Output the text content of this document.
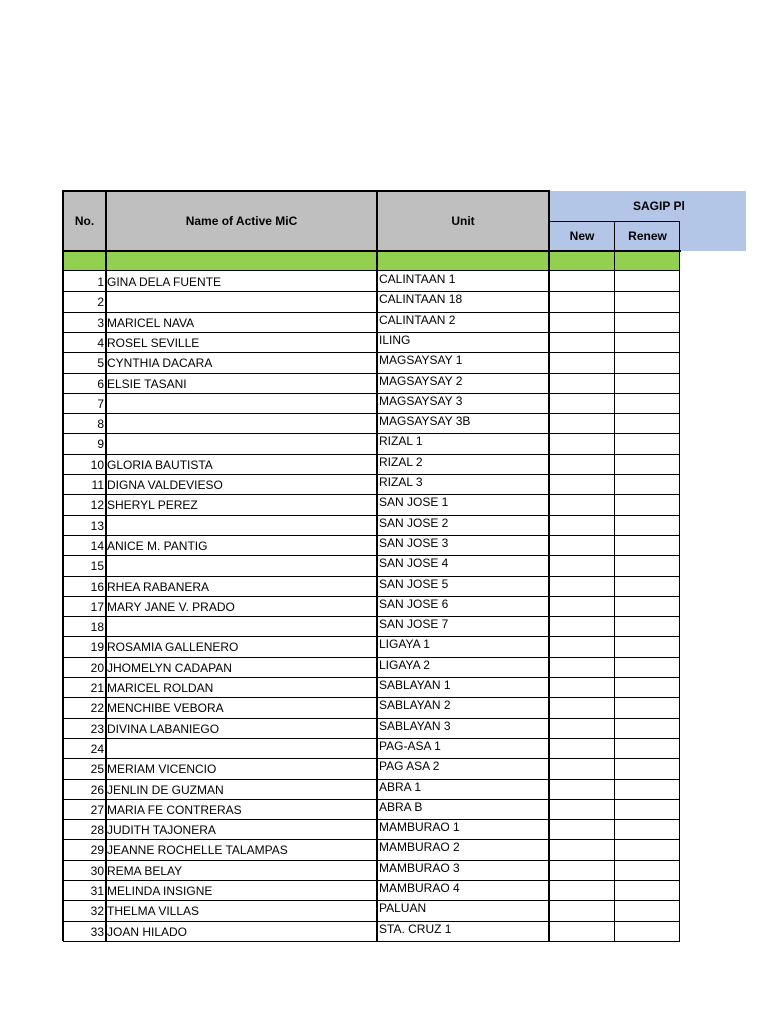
No.	Name of Active MiC	Unit
SAGIP Pl
New	Renew
1 GINA DELA FUENTE	CALINTAAN 1
2	CALINTAAN 18
3 MARICEL NAVA	CALINTAAN 2
4 ROSEL SEVILLE	ILING
5 CYNTHIA DACARA	MAGSAYSAY 1
6 ELSIE TASANI	MAGSAYSAY 2
7	MAGSAYSAY 3
8	MAGSAYSAY 3B
9	RIZAL 1
10 GLORIA BAUTISTA	RIZAL 2
11 DIGNA VALDEVIESO	RIZAL 3
12 SHERYL PEREZ	SAN JOSE 1
13	SAN JOSE 2
14 ANICE M. PANTIG	SAN JOSE 3
15	SAN JOSE 4
16 RHEA RABANERA	SAN JOSE 5
17 MARY JANE V. PRADO	SAN JOSE 6
18	SAN JOSE 7
19 ROSAMIA GALLENERO	LIGAYA 1
20 JHOMELYN CADAPAN	LIGAYA 2
21 MARICEL ROLDAN	SABLAYAN 1
22 MENCHIBE VEBORA	SABLAYAN 2
23 DIVINA LABANIEGO	SABLAYAN 3
24	PAG-ASA 1
25 MERIAM VICENCIO	PAG ASA 2
26 JENLIN DE GUZMAN	ABRA 1
27 MARIA FE CONTRERAS	ABRA B
28 JUDITH TAJONERA	MAMBURAO 1
29 JEANNE ROCHELLE TALAMPAS	MAMBURAO 2
30 REMA BELAY	MAMBURAO 3
31 MELINDA INSIGNE	MAMBURAO 4
32 THELMA VILLAS	PALUAN
33 JOAN HILADO	STA. CRUZ 1
